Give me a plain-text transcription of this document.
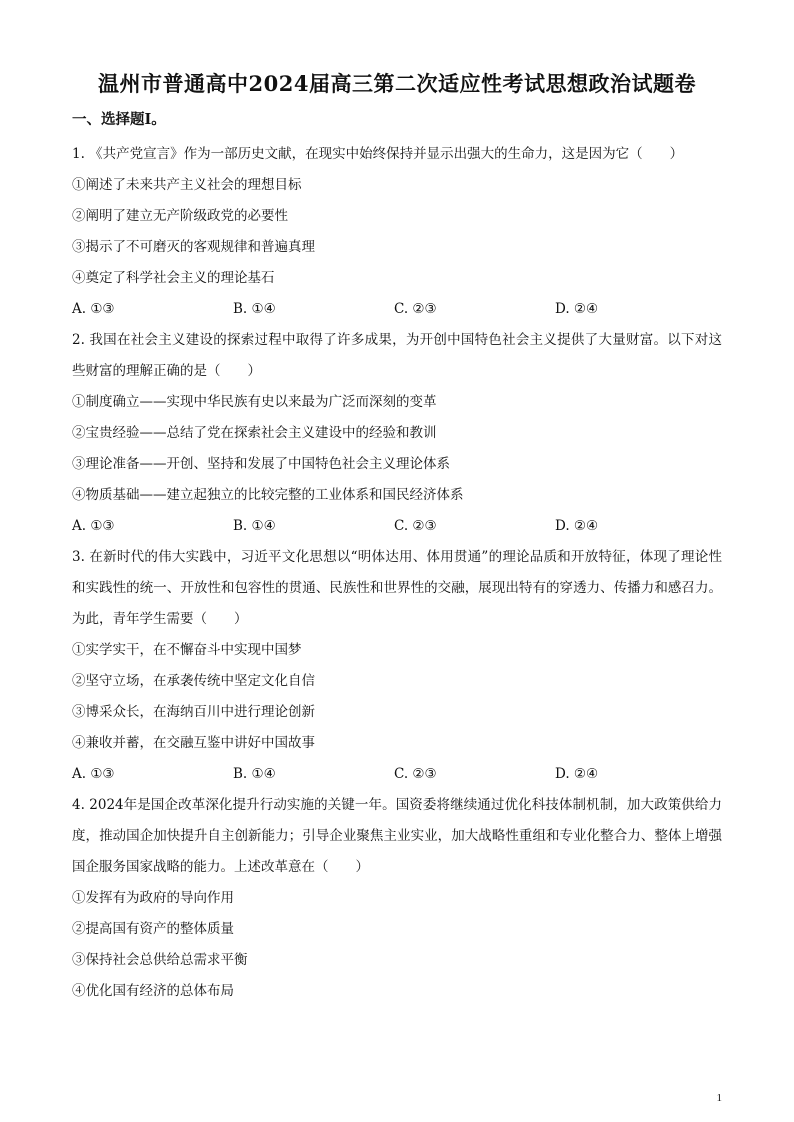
温州市普通高中2024届高三第二次适应性考试思想政治试题卷
一、选择题Ⅰ。

1. 《共产党宣言》作为一部历史文献，在现实中始终保持并显示出强大的生命力，这是因为它（　　）

①阐述了未来共产主义社会的理想目标

②阐明了建立无产阶级政党的必要性

③揭示了不可磨灭的客观规律和普遍真理

④奠定了科学社会主义的理论基石

A. ①③	B. ①④	C. ②③	D. ②④

2. 我国在社会主义建设的探索过程中取得了许多成果，为开创中国特色社会主义提供了大量财富。以下对这些财富的理解正确的是（　　）

①制度确立——实现中华民族有史以来最为广泛而深刻的变革

②宝贵经验——总结了党在探索社会主义建设中的经验和教训

③理论准备——开创、坚持和发展了中国特色社会主义理论体系

④物质基础——建立起独立的比较完整的工业体系和国民经济体系

A. ①③	B. ①④	C. ②③	D. ②④

3. 在新时代的伟大实践中，习近平文化思想以“明体达用、体用贯通”的理论品质和开放特征，体现了理论性和实践性的统一、开放性和包容性的贯通、民族性和世界性的交融，展现出特有的穿透力、传播力和感召力。为此，青年学生需要（　　）

①实学实干，在不懈奋斗中实现中国梦

②坚守立场，在承袭传统中坚定文化自信

③博采众长，在海纳百川中进行理论创新

④兼收并蓄，在交融互鉴中讲好中国故事

A. ①③	B. ①④	C. ②③	D. ②④

4. 2024年是国企改革深化提升行动实施的关键一年。国资委将继续通过优化科技体制机制，加大政策供给力度，推动国企加快提升自主创新能力；引导企业聚焦主业实业，加大战略性重组和专业化整合力、整体上增强国企服务国家战略的能力。上述改革意在（　　）

①发挥有为政府的导向作用

②提高国有资产的整体质量

③保持社会总供给总需求平衡

④优化国有经济的总体布局

1
